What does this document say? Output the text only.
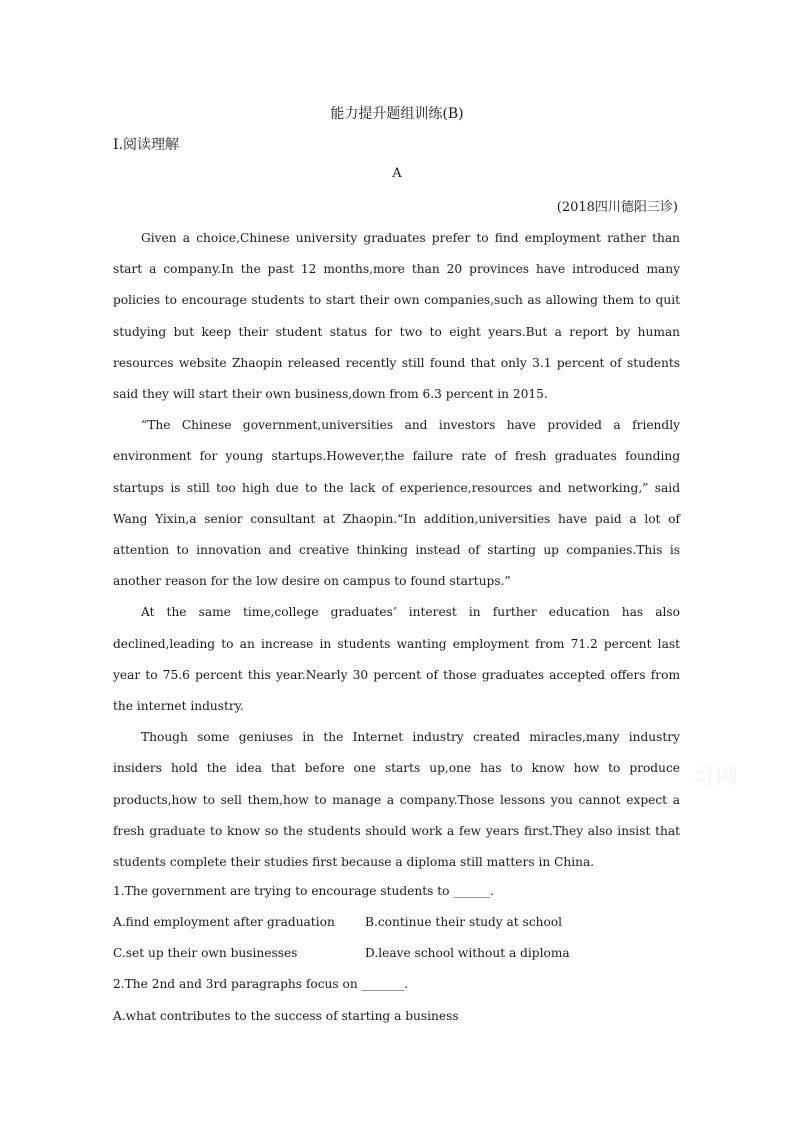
能力提升题组训练(B)
Ⅰ.阅读理解
A
(2018四川德阳三诊)

Given a choice,Chinese university graduates prefer to find employment rather than start a company.In the past 12 months,more than 20 provinces have introduced many policies to encourage students to start their own companies,such as allowing them to quit studying but keep their student status for two to eight years.But a report by human resources website Zhaopin released recently still found that only 3.1 percent of students said they will start their own business,down from 6.3 percent in 2015.

“The Chinese government,universities and investors have provided a friendly environment for young startups.However,the failure rate of fresh graduates founding startups is still too high due to the lack of experience,resources and networking,” said Wang Yixin,a senior consultant at Zhaopin.“In addition,universities have paid a lot of attention to innovation and creative thinking instead of starting up companies.This is another reason for the low desire on campus to found startups.”

At the same time,college graduates’ interest in further education has also declined,leading to an increase in students wanting employment from 71.2 percent last year to 75.6 percent this year.Nearly 30 percent of those graduates accepted offers from the internet industry.

Though some geniuses in the Internet industry created miracles,many industry insiders hold the idea that before one starts up,one has to know how to produce products,how to sell them,how to manage a company.Those lessons you cannot expect a fresh graduate to know so the students should work a few years first.They also insist that students complete their studies first because a diploma still matters in China.

1.The government are trying to encourage students to ______.
A.find employment after graduation B.continue their study at school
C.set up their own businesses	D.leave school without a diploma
2.The 2nd and 3rd paragraphs focus on _______.
A.what contributes to the success of starting a business
习网
